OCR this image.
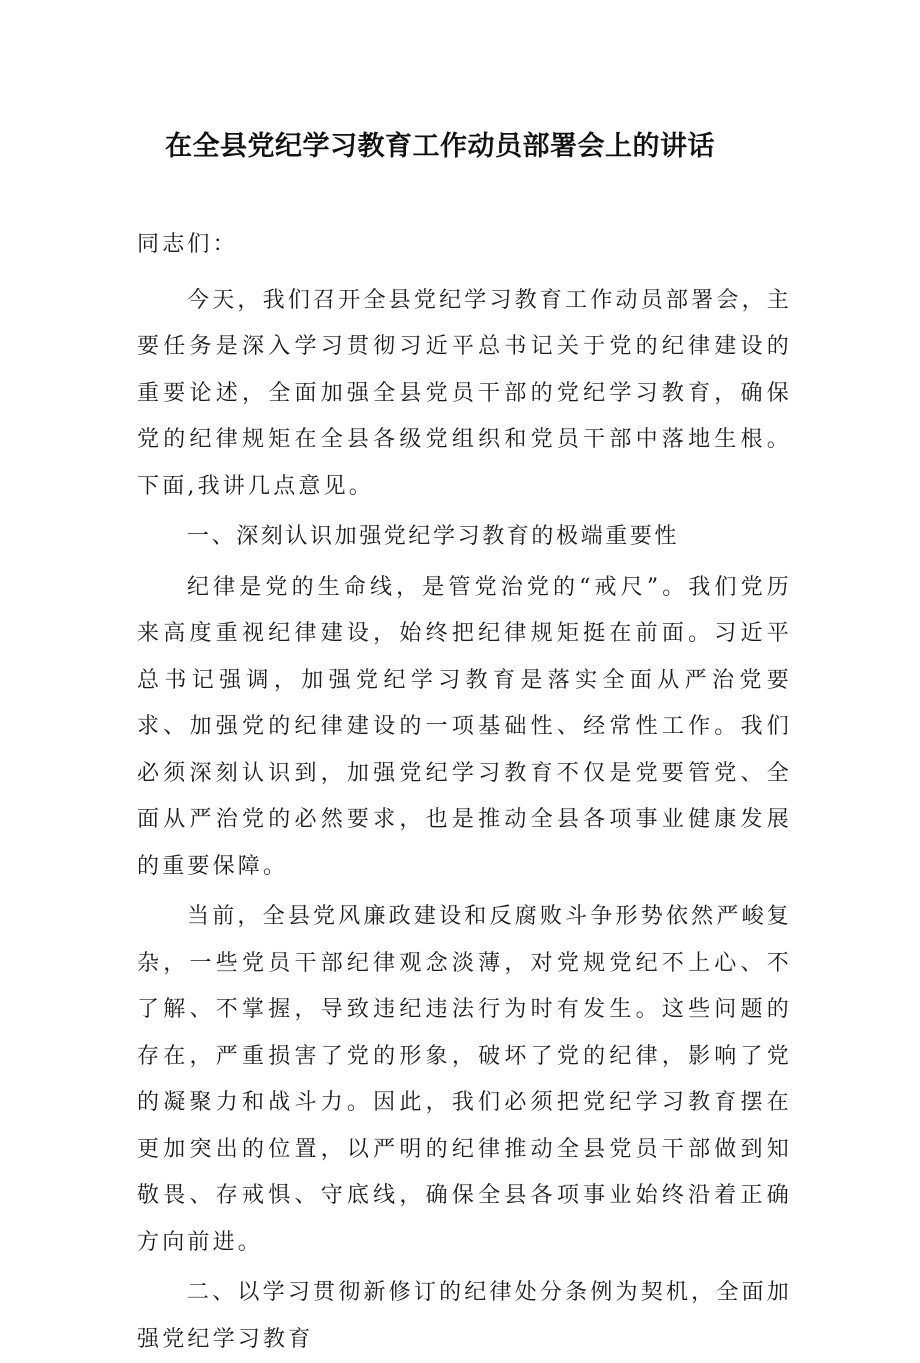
在全县党纪学习教育工作动员部署会上的讲话

同志们：

今天，我们召开全县党纪学习教育工作动员部署会，主要任务是深入学习贯彻习近平总书记关于党的纪律建设的重要论述，全面加强全县党员干部的党纪学习教育，确保党的纪律规矩在全县各级党组织和党员干部中落地生根。下面,我讲几点意见。

一、深刻认识加强党纪学习教育的极端重要性

纪律是党的生命线，是管党治党的“戒尺”。我们党历来高度重视纪律建设，始终把纪律规矩挺在前面。习近平总书记强调，加强党纪学习教育是落实全面从严治党要求、加强党的纪律建设的一项基础性、经常性工作。我们必须深刻认识到，加强党纪学习教育不仅是党要管党、全面从严治党的必然要求，也是推动全县各项事业健康发展的重要保障。

当前，全县党风廉政建设和反腐败斗争形势依然严峻复杂，一些党员干部纪律观念淡薄，对党规党纪不上心、不了解、不掌握，导致违纪违法行为时有发生。这些问题的存在，严重损害了党的形象，破坏了党的纪律，影响了党的凝聚力和战斗力。因此，我们必须把党纪学习教育摆在更加突出的位置，以严明的纪律推动全县党员干部做到知敬畏、存戒惧、守底线，确保全县各项事业始终沿着正确方向前进。

二、以学习贯彻新修订的纪律处分条例为契机，全面加强党纪学习教育
